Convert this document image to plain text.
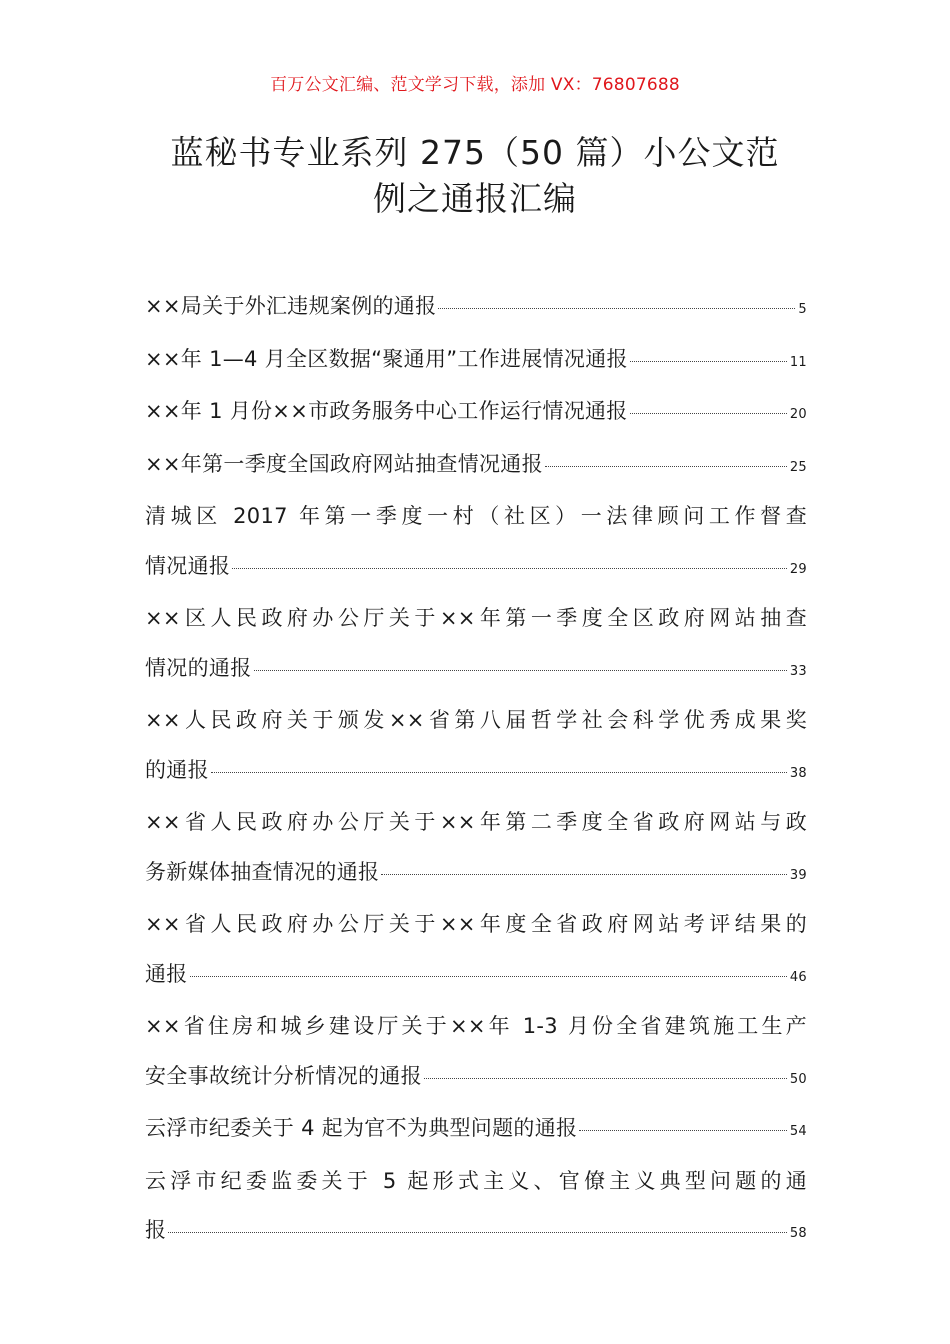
百万公文汇编、范文学习下载，添加 VX：76807688
蓝秘书专业系列 275（50 篇）小公文范
例之通报汇编
××局关于外汇违规案例的通报	5
××年 1—4 月全区数据“聚通用”工作进展情况通报	11
××年 1 月份××市政务服务中心工作运行情况通报	20
××年第一季度全国政府网站抽查情况通报	25
清城区 2017 年第一季度一村（社区）一法律顾问工作督查
情况通报	29
××区人民政府办公厅关于××年第一季度全区政府网站抽查
情况的通报	33
××人民政府关于颁发××省第八届哲学社会科学优秀成果奖
的通报	38
××省人民政府办公厅关于××年第二季度全省政府网站与政
务新媒体抽查情况的通报	39
××省人民政府办公厅关于××年度全省政府网站考评结果的
通报	46
××省住房和城乡建设厅关于××年 1-3 月份全省建筑施工生产
安全事故统计分析情况的通报	50
云浮市纪委关于 4 起为官不为典型问题的通报	54
云浮市纪委监委关于 5 起形式主义、官僚主义典型问题的通
报	58
